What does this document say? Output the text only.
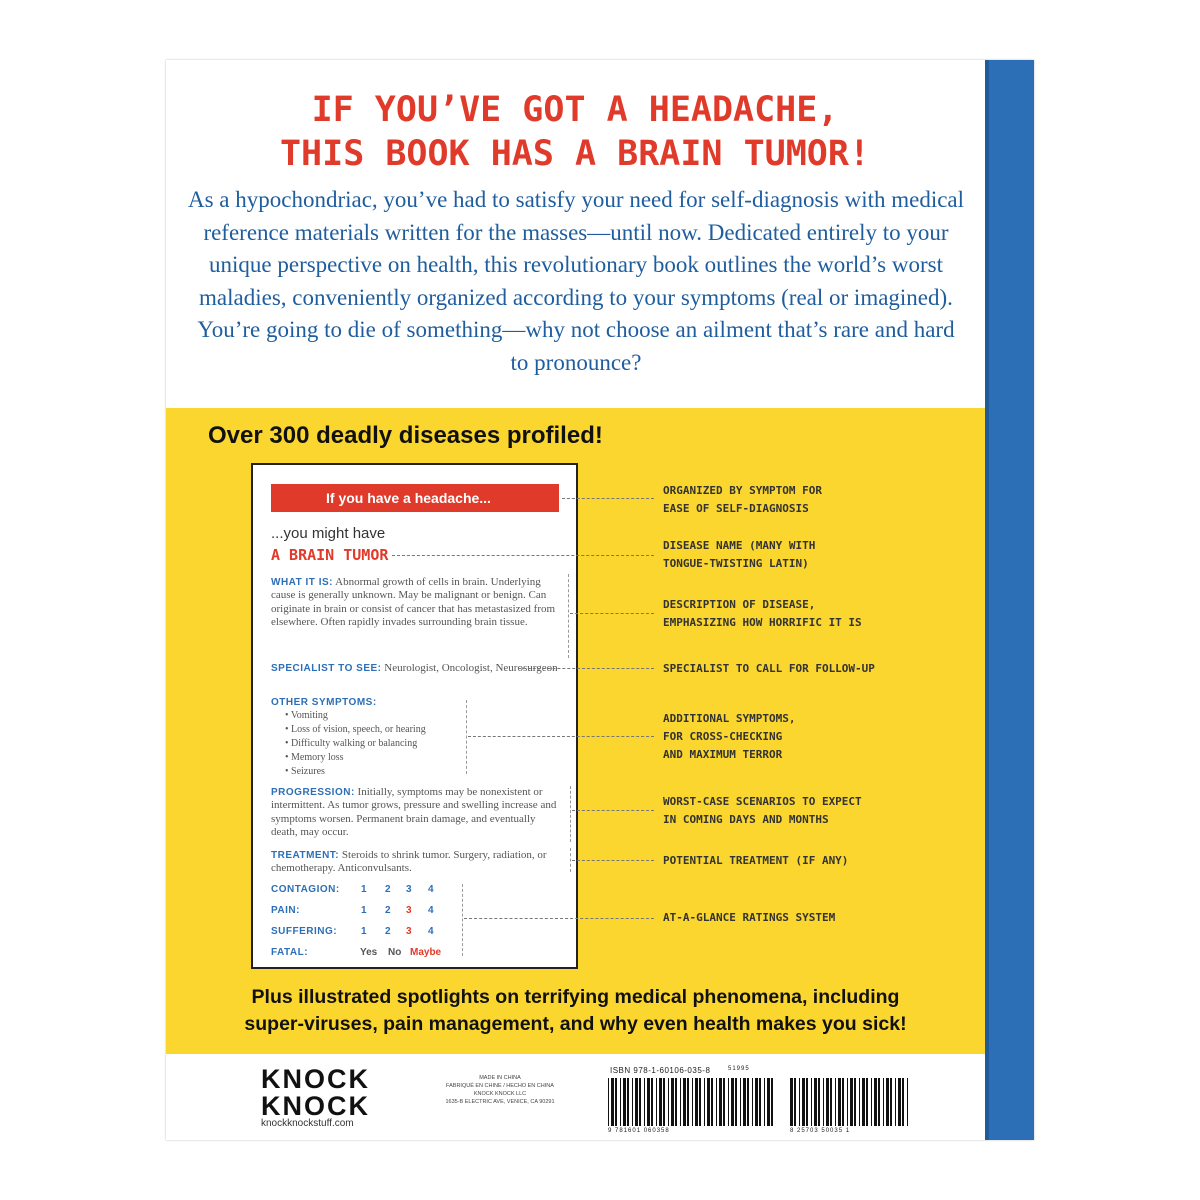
IF YOU’VE GOT A HEADACHE,
THIS BOOK HAS A BRAIN TUMOR!
As a hypochondriac, you’ve had to satisfy your need for self-diagnosis with medical reference materials written for the masses—until now. Dedicated entirely to your unique perspective on health, this revolutionary book outlines the world’s worst maladies, conveniently organized according to your symptoms (real or imagined). You’re going to die of something—why not choose an ailment that’s rare and hard to pronounce?
Over 300 deadly diseases profiled!
If you have a headache...
...you might have
A BRAIN TUMOR
WHAT IT IS: Abnormal growth of cells in brain. Underlying cause is generally unknown. May be malignant or benign. Can originate in brain or consist of cancer that has metastasized from elsewhere. Often rapidly invades surrounding brain tissue.
SPECIALIST TO SEE: Neurologist, Oncologist, Neurosurgeon
OTHER SYMPTOMS:
• Vomiting
• Loss of vision, speech, or hearing
• Difficulty walking or balancing
• Memory loss
• Seizures
PROGRESSION: Initially, symptoms may be nonexistent or intermittent. As tumor grows, pressure and swelling increase and symptoms worsen. Permanent brain damage, and eventually death, may occur.
TREATMENT: Steroids to shrink tumor. Surgery, radiation, or chemotherapy. Anticonvulsants.
CONTAGION: 1 2 3 4
PAIN:	1 2 3 4
SUFFERING: 1 2 3 4
FATAL:	Yes No Maybe
ORGANIZED BY SYMPTOM FOR
EASE OF SELF-DIAGNOSIS
DISEASE NAME (MANY WITH
TONGUE-TWISTING LATIN)
DESCRIPTION OF DISEASE,
EMPHASIZING HOW HORRIFIC IT IS
SPECIALIST TO CALL FOR FOLLOW-UP
ADDITIONAL SYMPTOMS,
FOR CROSS-CHECKING
AND MAXIMUM TERROR
WORST-CASE SCENARIOS TO EXPECT
IN COMING DAYS AND MONTHS
POTENTIAL TREATMENT (IF ANY)
AT-A-GLANCE RATINGS SYSTEM
Plus illustrated spotlights on terrifying medical phenomena, including
super-viruses, pain management, and why even health makes you sick!
KNOCK
KNOCK
knockknockstuff.com
MADE IN CHINA
FABRIQUÉ EN CHINE / HECHO EN CHINA
KNOCK KNOCK LLC
1635-B ELECTRIC AVE, VENICE, CA 90291
ISBN 978-1-60106-035-8
9 781601 060358
51995
8 25703 50035 1
